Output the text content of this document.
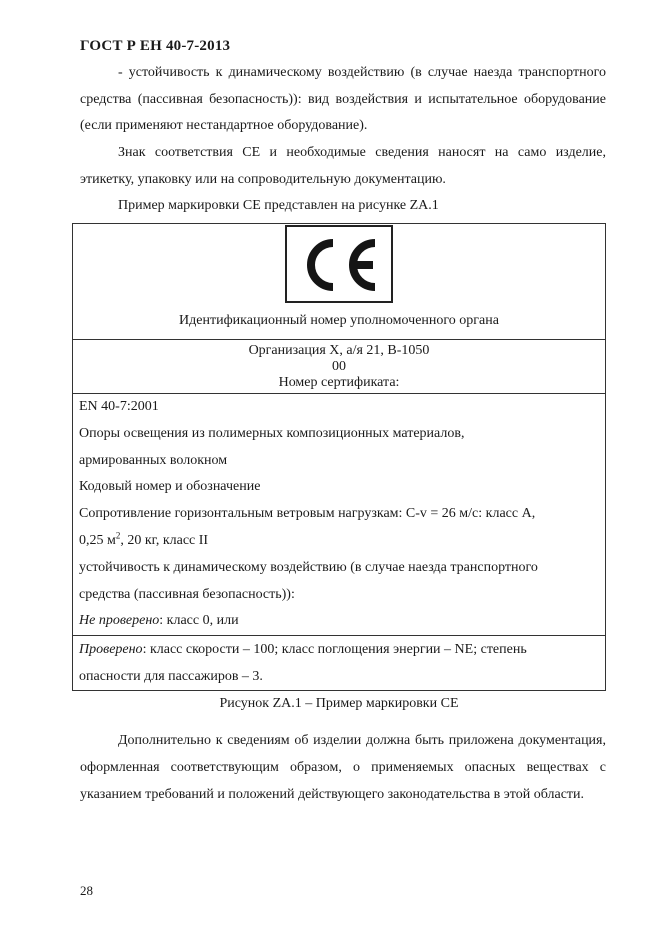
ГОСТ Р ЕН 40-7-2013

- устойчивость к динамическому воздействию (в случае наезда транспортного средства (пассивная безопасность)): вид воздействия и испытательное оборудование (если применяют нестандартное оборудование).

Знак соответствия CE и необходимые сведения наносят на само изделие, этикетку, упаковку или на сопроводительную документацию.

Пример маркировки CE представлен на рисунке ZA.1

Идентификационный номер уполномоченного органа

Организация X, а/я 21, B-1050
00
Номер сертификата:

EN 40-7:2001
Опоры освещения из полимерных композиционных материалов,
армированных волокном
Кодовый номер и обозначение
Сопротивление горизонтальным ветровым нагрузкам: C-v = 26 м/с: класс A,
0,25 $м^2$, 20 кг, класс II
устойчивость к динамическому воздействию (в случае наезда транспортного
средства (пассивная безопасность)):
Не проверено: класс 0, или

Проверено: класс скорости – 100; класс поглощения энергии – NE; степень
опасности для пассажиров – 3.
Рисунок ZA.1 – Пример маркировки CE

Дополнительно к сведениям об изделии должна быть приложена документация, оформленная соответствующим образом, о применяемых опасных веществах с указанием требований и положений действующего законодательства в этой области.

28
